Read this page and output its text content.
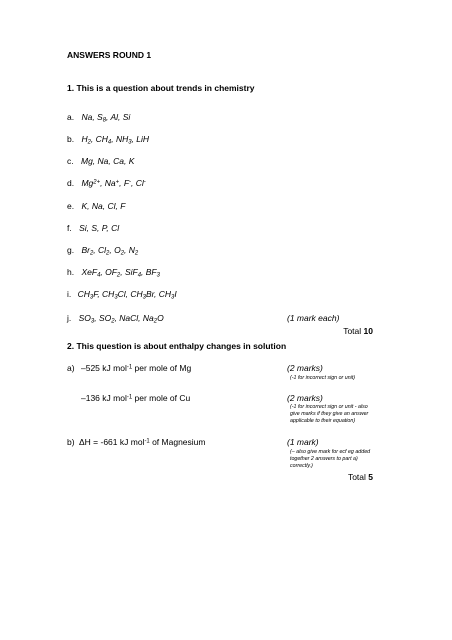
ANSWERS ROUND 1
1. This is a question about trends in chemistry
a. Na, $S_8$, Al, Si
b. $H_2$, $CH_4$, $NH_3$, LiH
c. Mg, Na, Ca, K
d. $Mg^{2+}$, Na+, F-, Cl-
e. K, Na, Cl, F
f. Si, S, P, Cl
g. $Br_2$, $Cl_2$, $O_2$, $N_2$
h. XeF$_4$, $OF_2$, SiF$_4$, $BF_3$
i. $CH_3F$, $CH_3Cl$, $CH_3Br$, $CH_3I$
j. $SO_3$, $SO_2$, NaCl, $Na_2O$	(1 mark each)
Total 10
2. This question is about enthalpy changes in solution
a) –525 kJ mol$^{-1}$ per mole of Mg	(2 marks)
(-1 for incorrect sign or unit)
–136 kJ mol$^{-1}$ per mole of Cu	(2 marks)
(-1 for incorrect sign or unit - also
give marks if they give an answer
applicable to their equation)
b) ΔH = -661 kJ mol$^{-1}$ of Magnesium	(1 mark)
(– also give mark for ecf eg added
together 2 answers to part a)
correctly.)
Total 5
